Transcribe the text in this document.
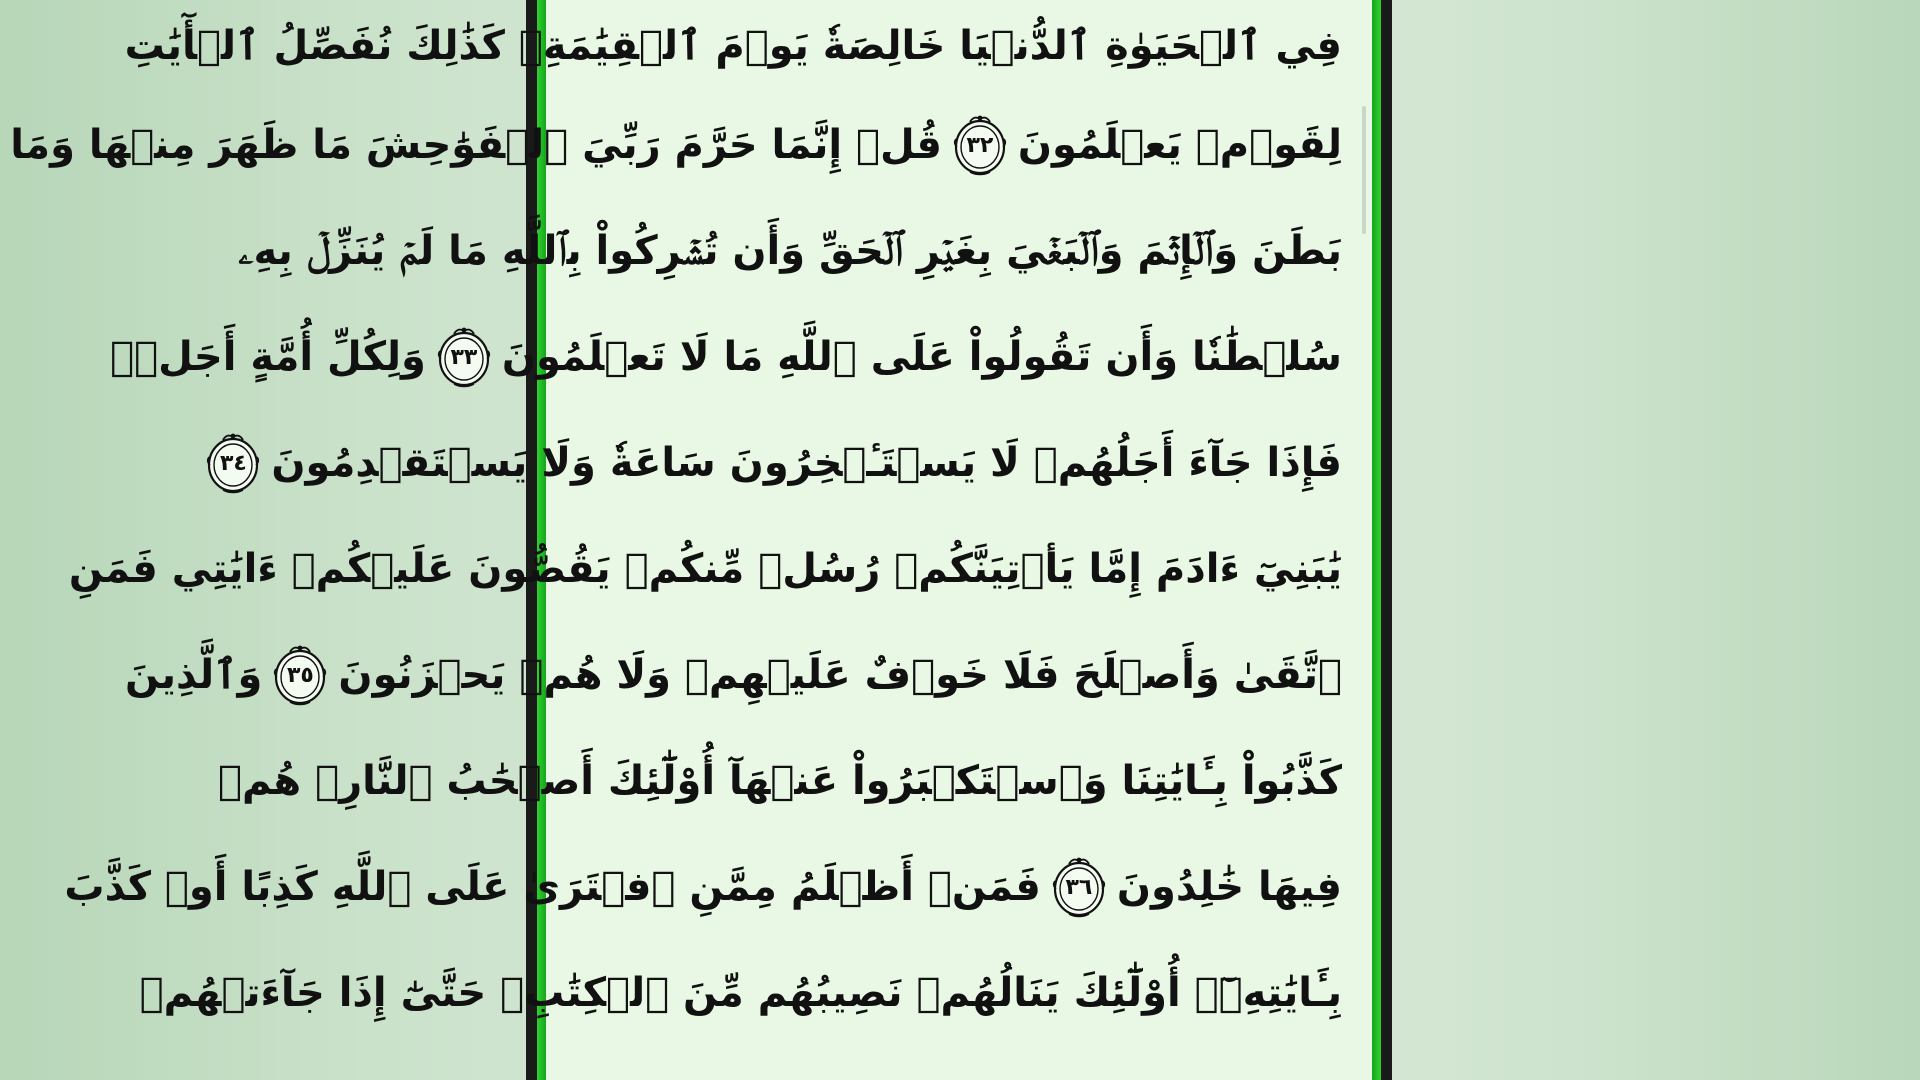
فِي ٱلۡحَيَوٰةِ ٱلدُّنۡيَا خَالِصَةٗ يَوۡمَ ٱلۡقِيَٰمَةِۗ كَذَٰلِكَ نُفَصِّلُ ٱلۡأٓيَٰتِ
لِقَوۡمٖ يَعۡلَمُونَ
٣٢
قُلۡ إِنَّمَا حَرَّمَ رَبِّيَ ٱلۡفَوَٰحِشَ مَا ظَهَرَ مِنۡهَا وَمَا
بَطَنَ وَٱلۡإِثۡمَ وَٱلۡبَغۡيَ بِغَيۡرِ ٱلۡحَقِّ وَأَن تُشۡرِكُواْ بِٱللَّهِ مَا لَمۡ يُنَزِّلۡ بِهِۦ
سُلۡطَٰنٗا وَأَن تَقُولُواْ عَلَى ٱللَّهِ مَا لَا تَعۡلَمُونَ
٣٣
وَلِكُلِّ أُمَّةٍ أَجَلٞۖ
فَإِذَا جَآءَ أَجَلُهُمۡ لَا يَسۡتَـٔۡخِرُونَ سَاعَةٗ وَلَا يَسۡتَقۡدِمُونَ
٣٤
يَٰبَنِيٓ ءَادَمَ إِمَّا يَأۡتِيَنَّكُمۡ رُسُلٞ مِّنكُمۡ يَقُصُّونَ عَلَيۡكُمۡ ءَايَٰتِي فَمَنِ
ٱتَّقَىٰ وَأَصۡلَحَ فَلَا خَوۡفٌ عَلَيۡهِمۡ وَلَا هُمۡ يَحۡزَنُونَ
٣٥
وَٱلَّذِينَ
كَذَّبُواْ بِـَٔايَٰتِنَا وَٱسۡتَكۡبَرُواْ عَنۡهَآ أُوْلَٰٓئِكَ أَصۡحَٰبُ ٱلنَّارِۖ هُمۡ
فِيهَا خَٰلِدُونَ
٣٦
فَمَنۡ أَظۡلَمُ مِمَّنِ ٱفۡتَرَىٰ عَلَى ٱللَّهِ كَذِبًا أَوۡ كَذَّبَ
بِـَٔايَٰتِهِۦٓۚ أُوْلَٰٓئِكَ يَنَالُهُمۡ نَصِيبُهُم مِّنَ ٱلۡكِتَٰبِۖ حَتَّىٰٓ إِذَا جَآءَتۡهُمۡ
